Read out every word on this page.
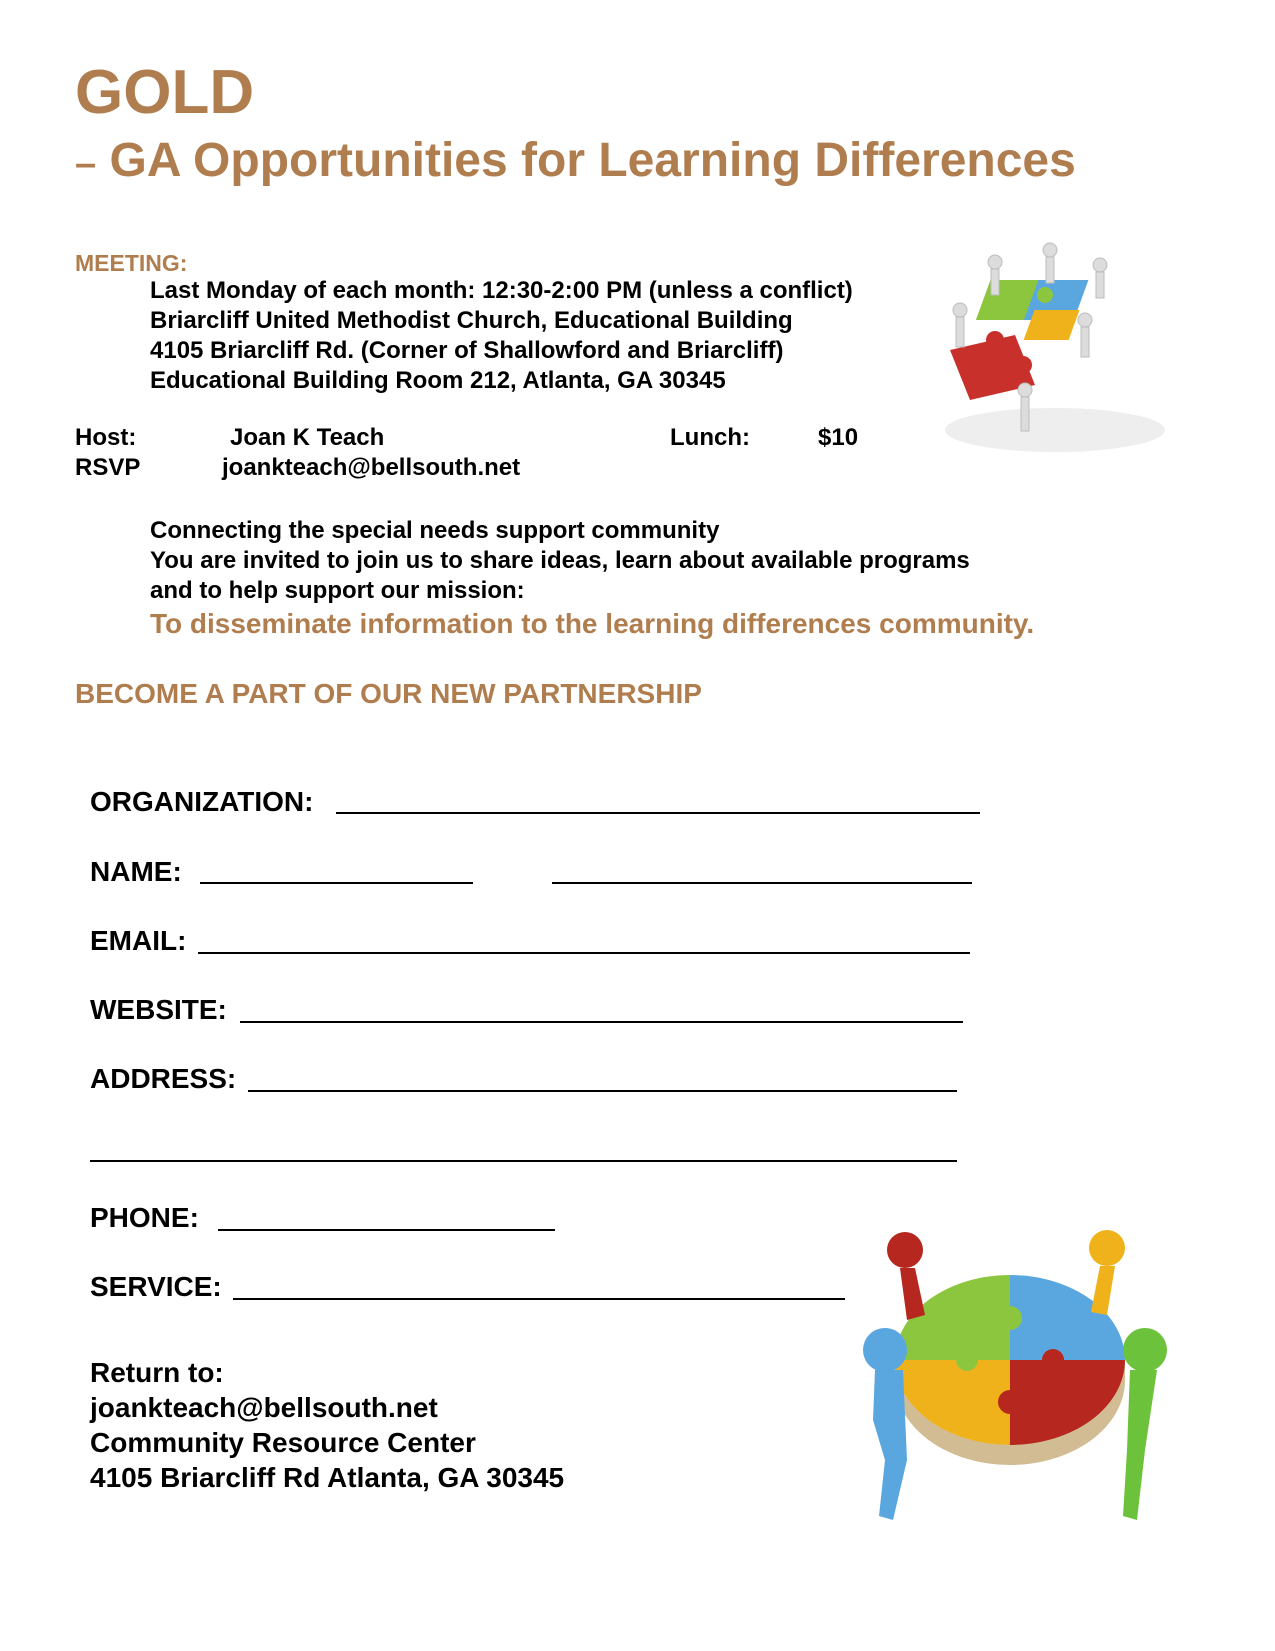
GOLD
– GA Opportunities for Learning Differences
MEETING:
Last Monday of each month: 12:30-2:00 PM (unless a conflict)
Briarcliff United Methodist Church, Educational Building
4105 Briarcliff Rd. (Corner of Shallowford and Briarcliff)
Educational Building Room 212, Atlanta, GA 30345
Host:	Joan K Teach	Lunch:	$10
RSVP	joankteach@bellsouth.net
Connecting the special needs support community
You are invited to join us to share ideas, learn about available programs
and to help support our mission:
To disseminate information to the learning differences community.
BECOME A PART OF OUR NEW PARTNERSHIP
ORGANIZATION:
NAME:
EMAIL:
WEBSITE:
ADDRESS:
PHONE:
SERVICE:
Return to:
joankteach@bellsouth.net
Community Resource Center
4105 Briarcliff Rd Atlanta, GA 30345
